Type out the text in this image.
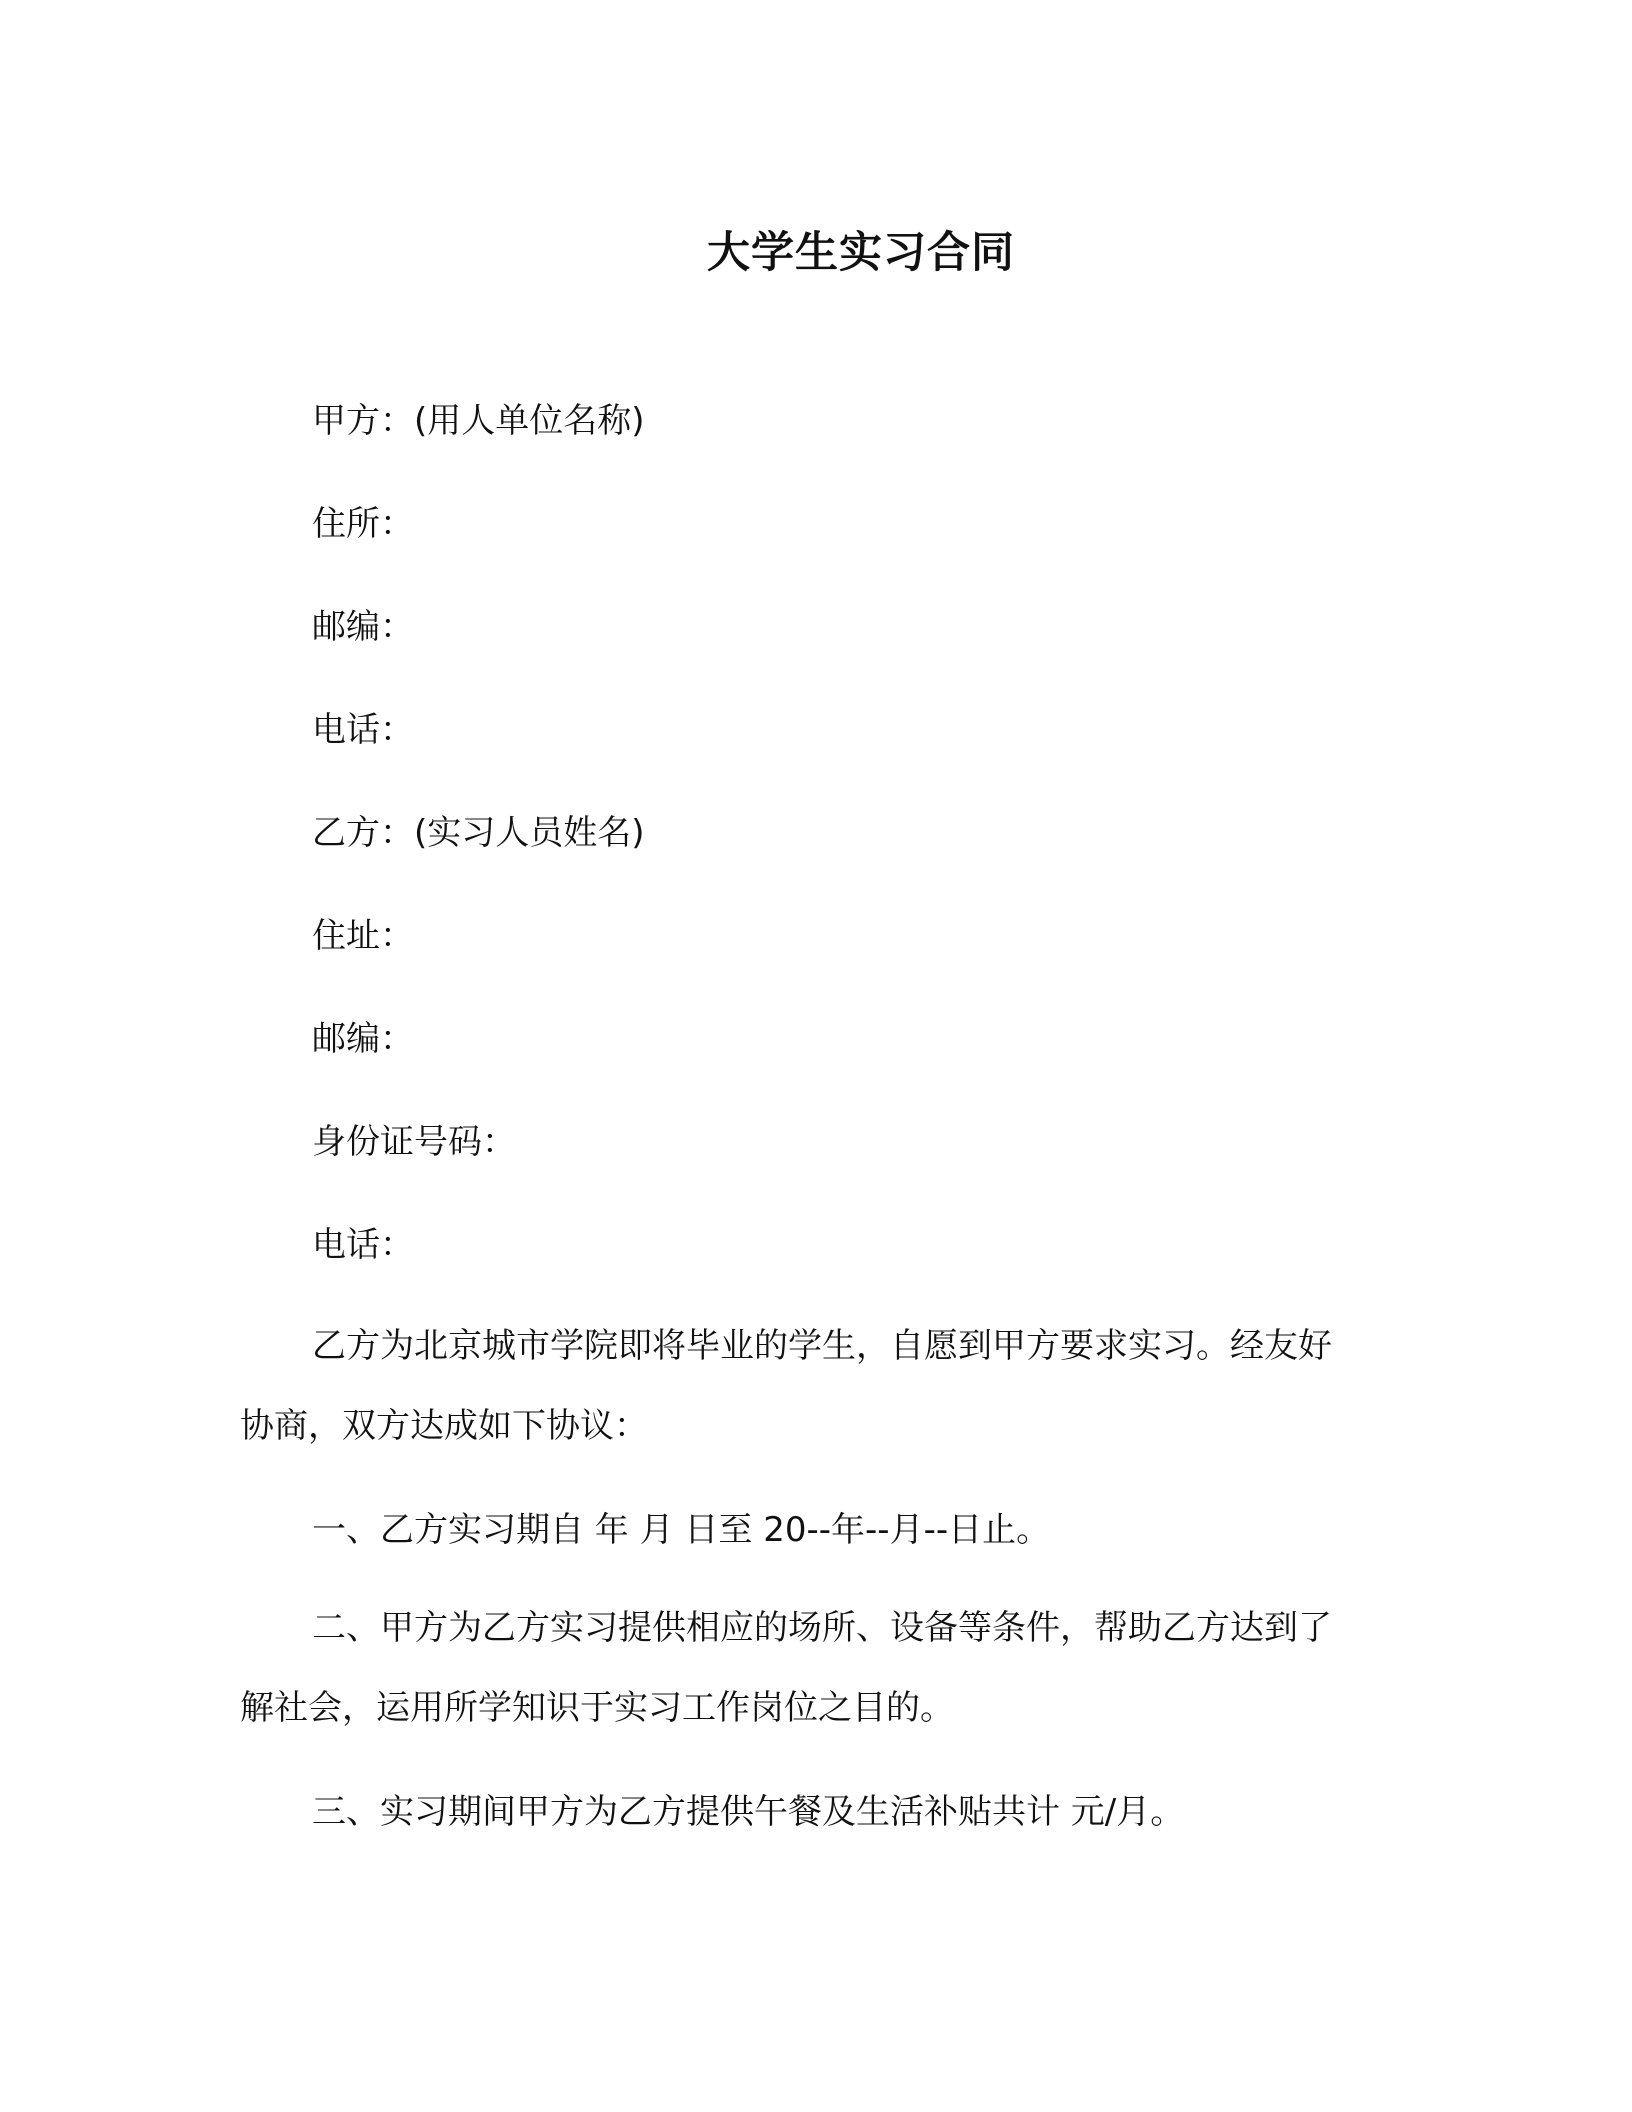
大学生实习合同
甲方：(用人单位名称)
住所：
邮编：
电话：
乙方：(实习人员姓名)
住址：
邮编：
身份证号码：
电话：
乙方为北京城市学院即将毕业的学生，自愿到甲方要求实习。经友好协商，双方达成如下协议：
一、乙方实习期自 年 月 日至 20--年--月--日止。
二、甲方为乙方实习提供相应的场所、设备等条件，帮助乙方达到了解社会，运用所学知识于实习工作岗位之目的。
三、实习期间甲方为乙方提供午餐及生活补贴共计 元/月。
